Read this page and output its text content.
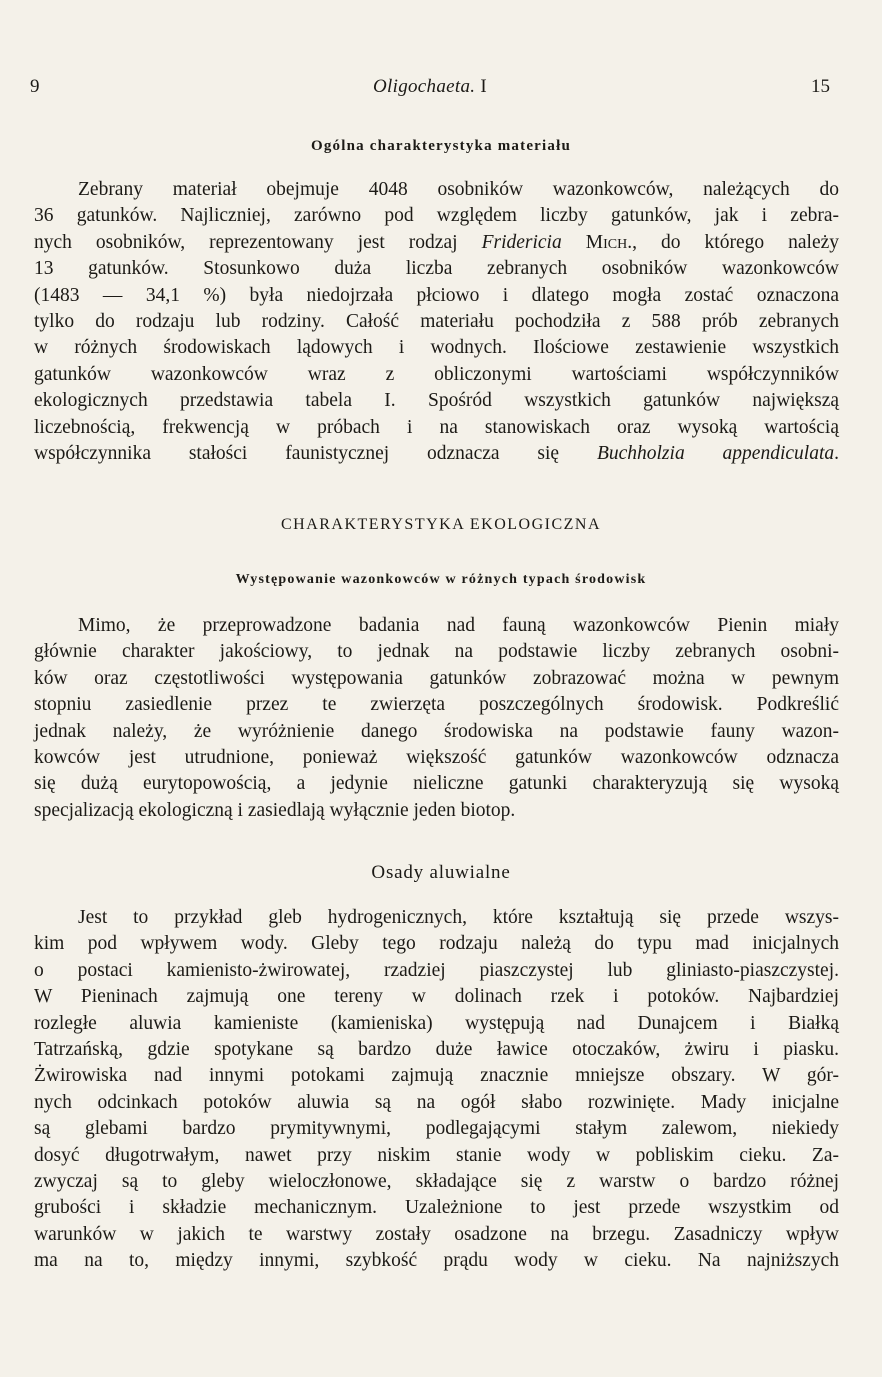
9	Oligochaeta. I	15
Ogólna charakterystyka materiału
Zebrany materiał obejmuje 4048 osobników wazonkowców, należących do
36 gatunków. Najliczniej, zarówno pod względem liczby gatunków, jak i zebra-
nych osobników, reprezentowany jest rodzaj Fridericia Mich., do którego należy
13 gatunków. Stosunkowo duża liczba zebranych osobników wazonkowców
(1483 — 34,1 %) była niedojrzała płciowo i dlatego mogła zostać oznaczona
tylko do rodzaju lub rodziny. Całość materiału pochodziła z 588 prób zebranych
w różnych środowiskach lądowych i wodnych. Ilościowe zestawienie wszystkich
gatunków wazonkowców wraz z obliczonymi wartościami współczynników
ekologicznych przedstawia tabela I. Spośród wszystkich gatunków największą
liczebnością, frekwencją w próbach i na stanowiskach oraz wysoką wartością
współczynnika stałości faunistycznej odznacza się Buchholzia appendiculata.
CHARAKTERYSTYKA EKOLOGICZNA
Występowanie wazonkowców w różnych typach środowisk
Mimo, że przeprowadzone badania nad fauną wazonkowców Pienin miały
głównie charakter jakościowy, to jednak na podstawie liczby zebranych osobni-
ków oraz częstotliwości występowania gatunków zobrazować można w pewnym
stopniu zasiedlenie przez te zwierzęta poszczególnych środowisk. Podkreślić
jednak należy, że wyróżnienie danego środowiska na podstawie fauny wazon-
kowców jest utrudnione, ponieważ większość gatunków wazonkowców odznacza
się dużą eurytopowością, a jedynie nieliczne gatunki charakteryzują się wysoką
specjalizacją ekologiczną i zasiedlają wyłącznie jeden biotop.
Osady aluwialne
Jest to przykład gleb hydrogenicznych, które kształtują się przede wszys-
kim pod wpływem wody. Gleby tego rodzaju należą do typu mad inicjalnych
o postaci kamienisto-żwirowatej, rzadziej piaszczystej lub gliniasto-piaszczystej.
W Pieninach zajmują one tereny w dolinach rzek i potoków. Najbardziej
rozległe aluwia kamieniste (kamieniska) występują nad Dunajcem i Białką
Tatrzańską, gdzie spotykane są bardzo duże ławice otoczaków, żwiru i piasku.
Żwirowiska nad innymi potokami zajmują znacznie mniejsze obszary. W gór-
nych odcinkach potoków aluwia są na ogół słabo rozwinięte. Mady inicjalne
są glebami bardzo prymitywnymi, podlegającymi stałym zalewom, niekiedy
dosyć długotrwałym, nawet przy niskim stanie wody w pobliskim cieku. Za-
zwyczaj są to gleby wieloczłonowe, składające się z warstw o bardzo różnej
grubości i składzie mechanicznym. Uzależnione to jest przede wszystkim od
warunków w jakich te warstwy zostały osadzone na brzegu. Zasadniczy wpływ
ma na to, między innymi, szybkość prądu wody w cieku. Na najniższych
